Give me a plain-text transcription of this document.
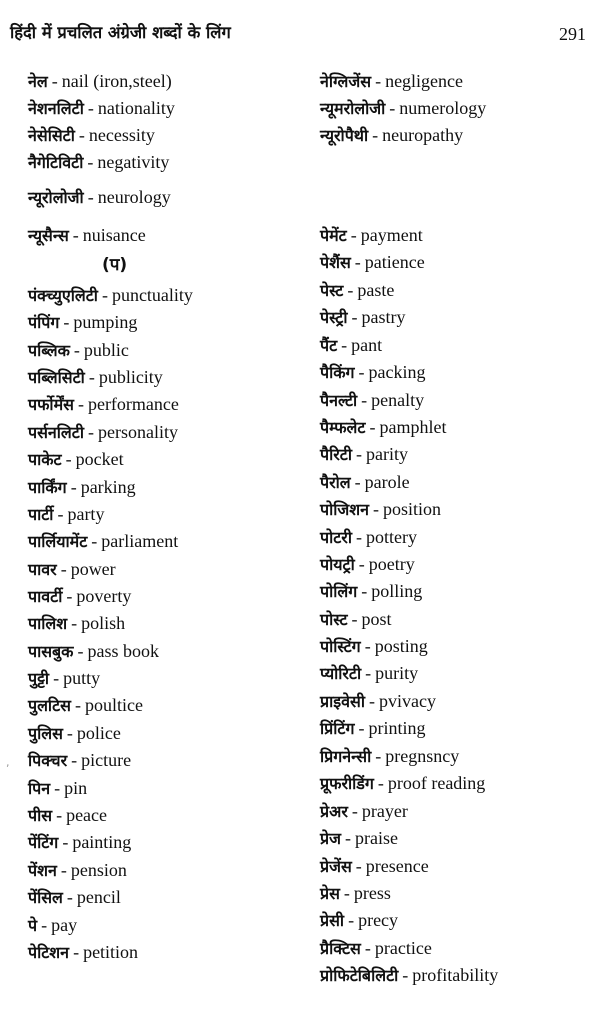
हिंदी में प्रचलित अंग्रेजी शब्दों के लिंग	291
(प)
,
नेल - nail (iron,steel)
नेशनलिटी - nationality
नेसेसिटी - necessity
नैगेटिविटी - negativity
न्यूरोलोजी - neurology
न्यूसैन्स - nuisance
पंक्च्युएलिटी - punctuality
पंपिंग - pumping
पब्लिक - public
पब्लिसिटी - publicity
पर्फोर्मेंस - performance
पर्सनलिटी - personality
पाकेट - pocket
पार्किंग - parking
पार्टी - party
पार्लियामेंट - parliament
पावर - power
पावर्टी - poverty
पालिश - polish
पासबुक - pass book
पुट्टी - putty
पुलटिस - poultice
पुलिस - police
पिक्चर - picture
पिन - pin
पीस - peace
पेंटिंग - painting
पेंशन - pension
पेंसिल - pencil
पे - pay
पेटिशन - petition
नेग्लिजेंस - negligence
न्यूमरोलोजी - numerology
न्यूरोपैथी - neuropathy
पेमेंट - payment
पेशैंस - patience
पेस्ट - paste
पेस्ट्री - pastry
पैंट - pant
पैकिंग - packing
पैनल्टी - penalty
पैम्फलेट - pamphlet
पैरिटी - parity
पैरोल - parole
पोजिशन - position
पोटरी - pottery
पोयट्री - poetry
पोलिंग - polling
पोस्ट - post
पोस्टिंग - posting
प्योरिटी - purity
प्राइवेसी - pvivacy
प्रिंटिंग - printing
प्रिगनेन्सी - pregnsncy
प्रूफरीडिंग - proof reading
प्रेअर - prayer
प्रेज - praise
प्रेजेंस - presence
प्रेस - press
प्रेसी - precy
प्रैक्टिस - practice
प्रोफिटेबिलिटी - profitability
